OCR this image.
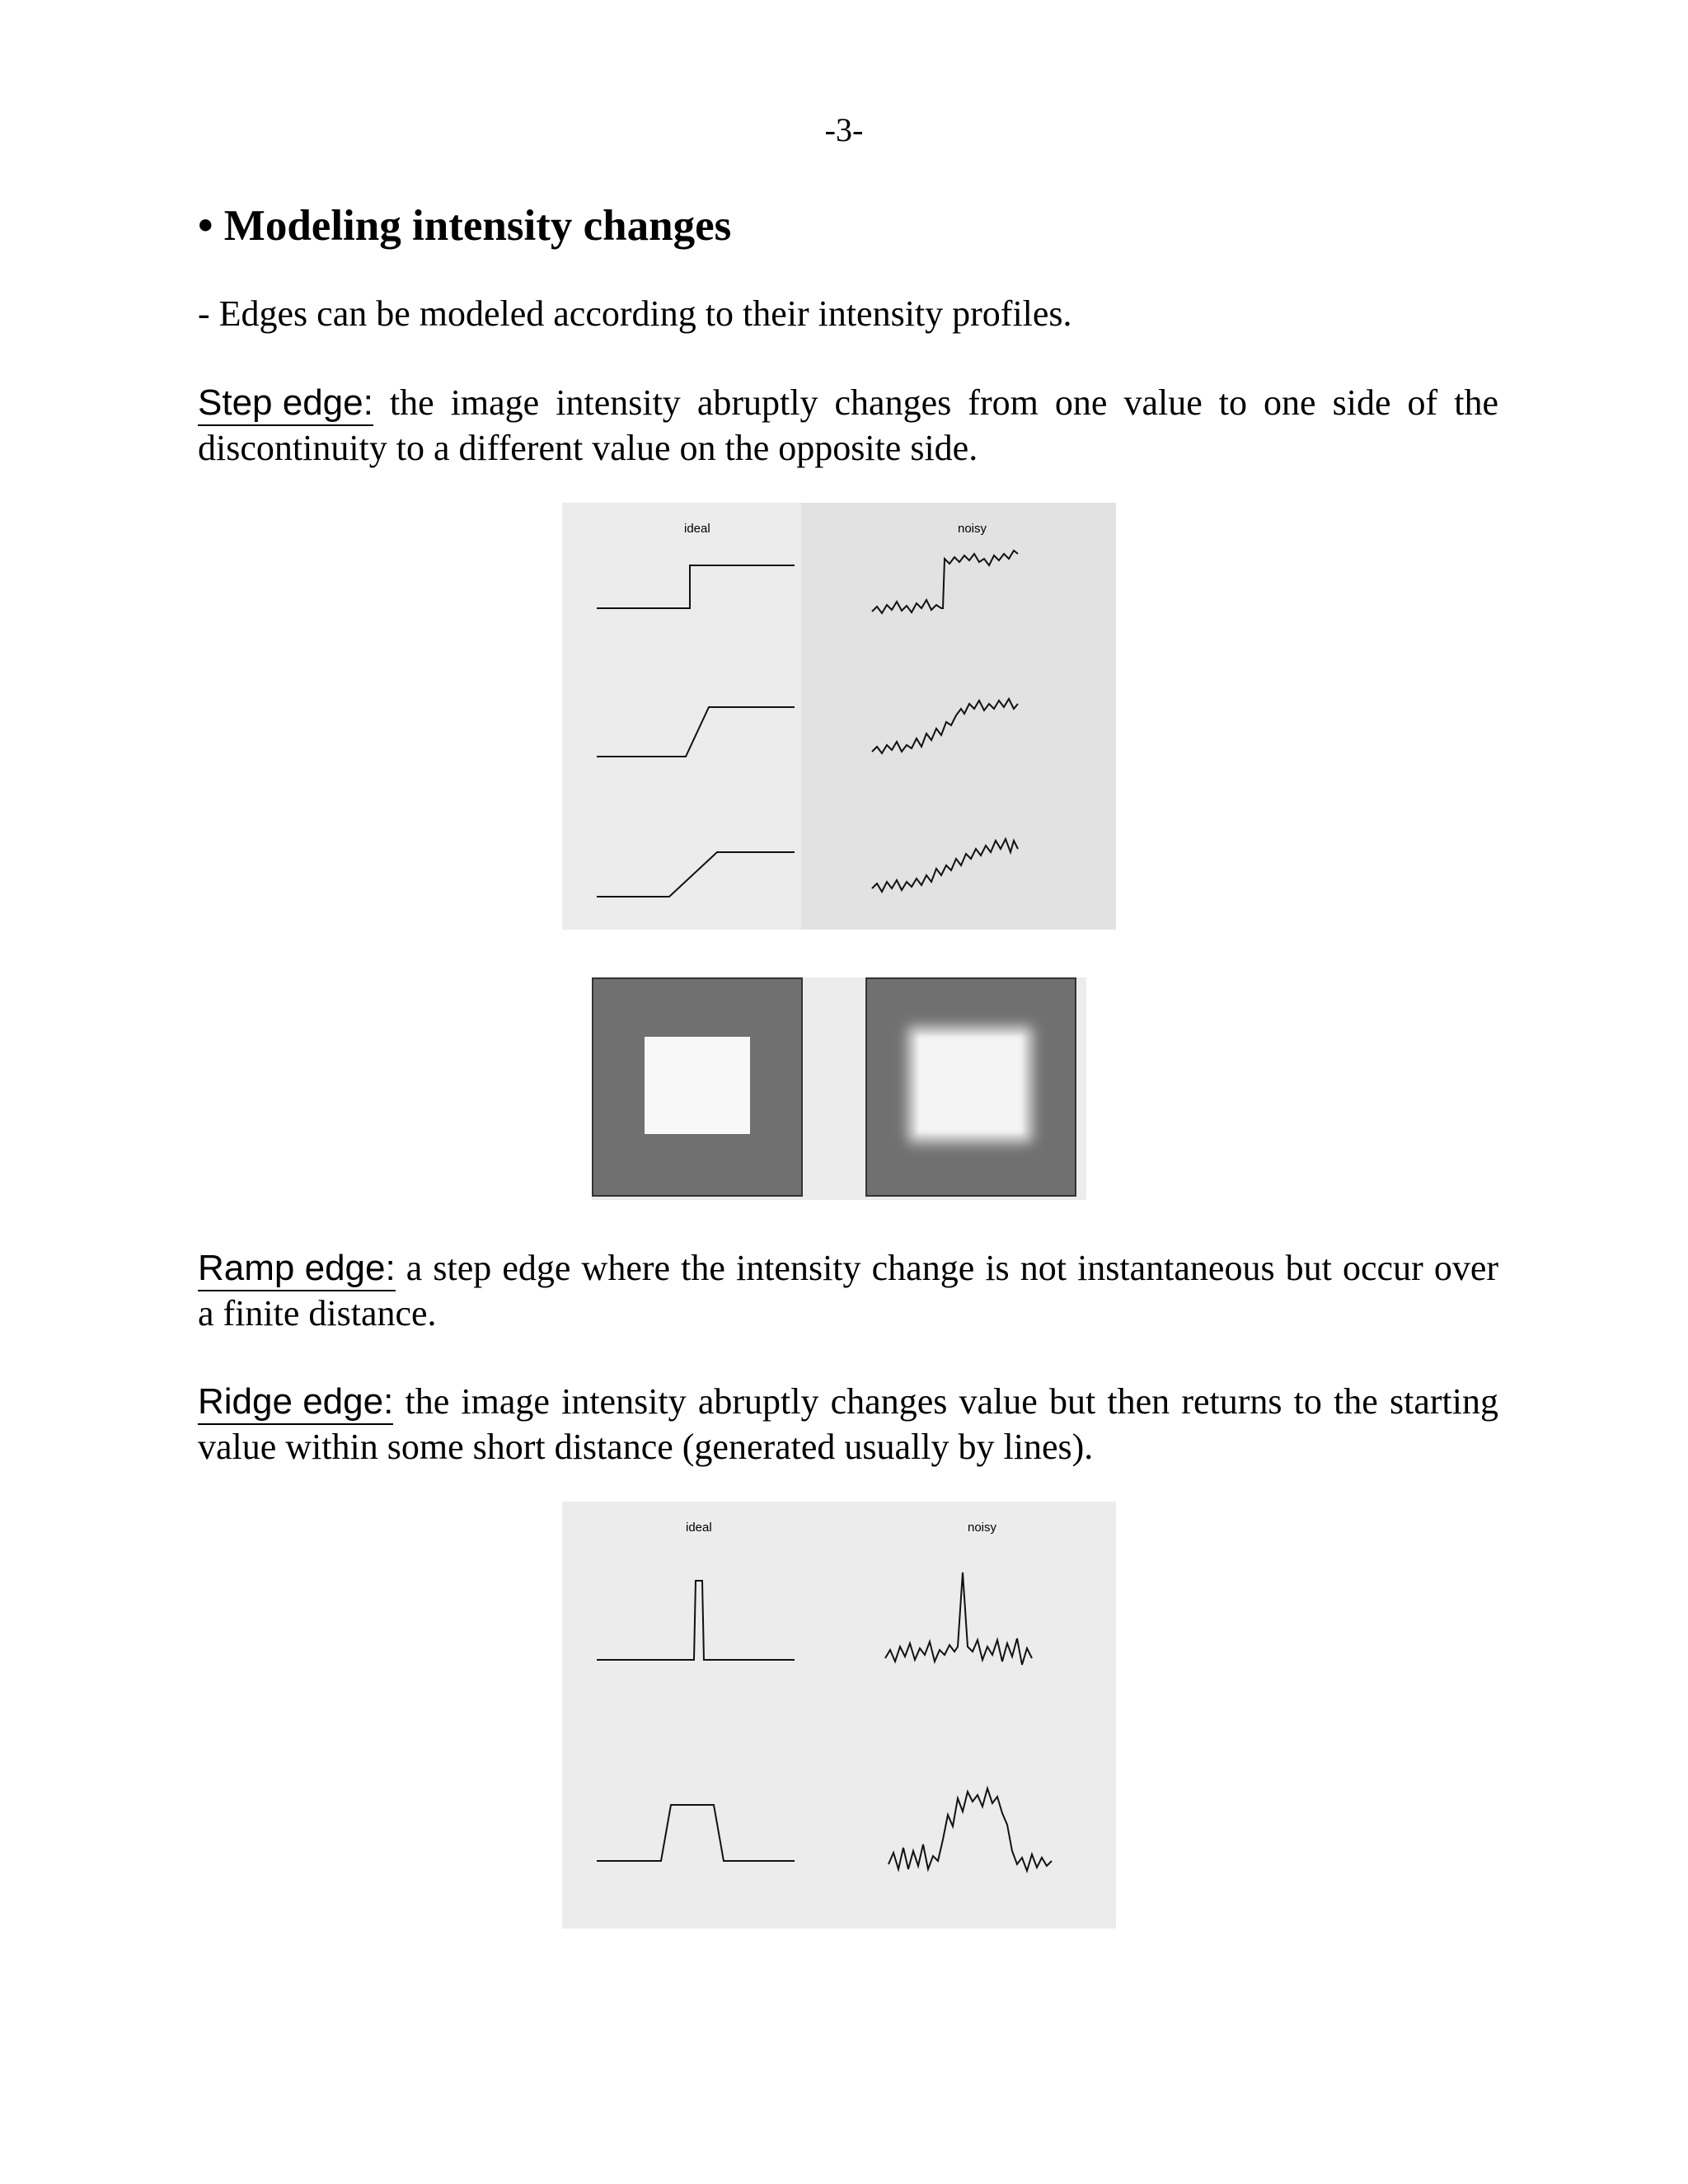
-3-
• Modeling intensity changes
- Edges can be modeled according to their intensity profiles.
Step edge: the image intensity abruptly changes from one value to one side of the discontinuity to a different value on the opposite side.
ideal	noisy
Ramp edge: a step edge where the intensity change is not instantaneous but occur over a finite distance.
Ridge edge: the image intensity abruptly changes value but then returns to the starting value within some short distance (generated usually by lines).
ideal	noisy
